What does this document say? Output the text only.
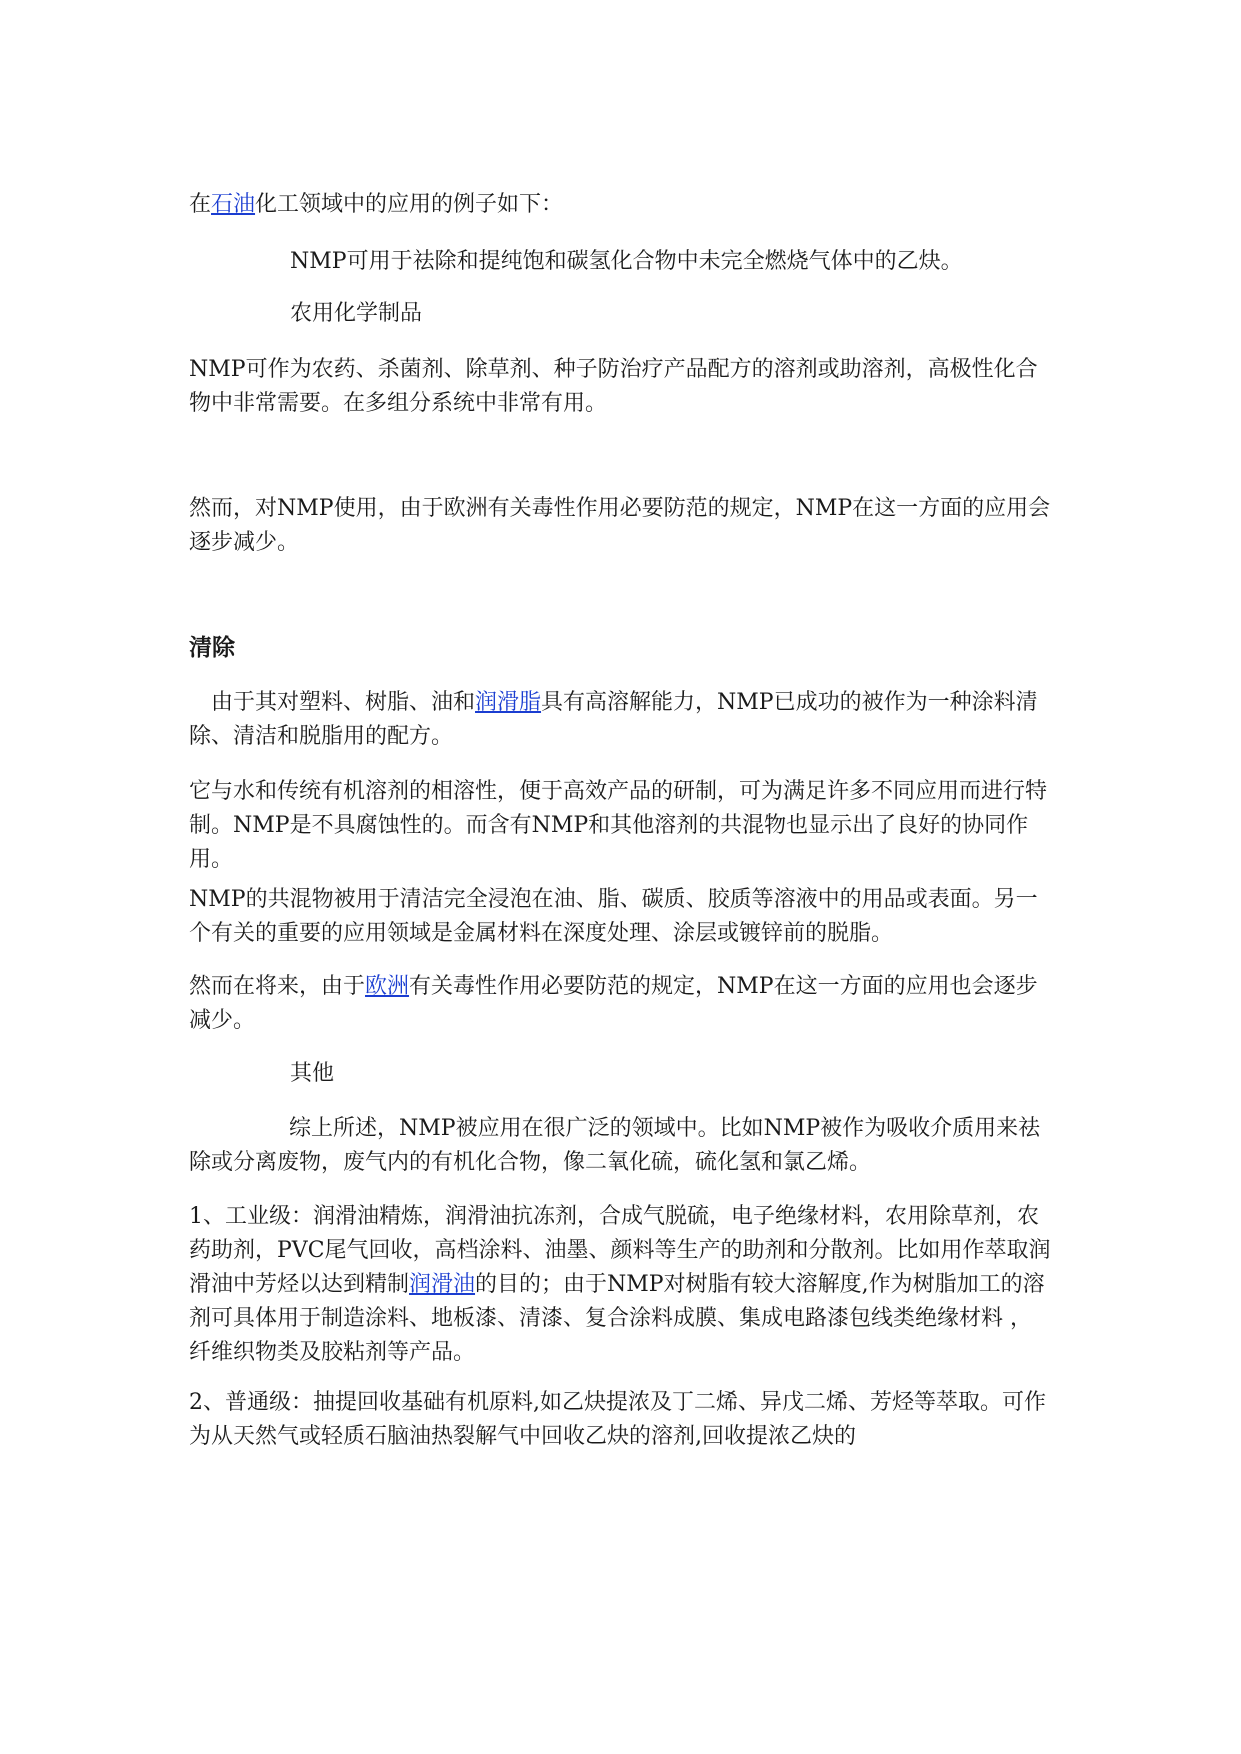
在石油化工领域中的应用的例子如下：

NMP可用于祛除和提纯饱和碳氢化合物中未完全燃烧气体中的乙炔。

农用化学制品

NMP可作为农药、杀菌剂、除草剂、种子防治疗产品配方的溶剂或助溶剂，高极性化合物中非常需要。在多组分系统中非常有用。

然而，对NMP使用，由于欧洲有关毒性作用必要防范的规定，NMP在这一方面的应用会逐步减少。

清除

由于其对塑料、树脂、油和润滑脂具有高溶解能力，NMP已成功的被作为一种涂料清除、清洁和脱脂用的配方。

它与水和传统有机溶剂的相溶性，便于高效产品的研制，可为满足许多不同应用而进行特制。NMP是不具腐蚀性的。而含有NMP和其他溶剂的共混物也显示出了良好的协同作用。

NMP的共混物被用于清洁完全浸泡在油、脂、碳质、胶质等溶液中的用品或表面。另一个有关的重要的应用领域是金属材料在深度处理、涂层或镀锌前的脱脂。

然而在将来，由于欧洲有关毒性作用必要防范的规定，NMP在这一方面的应用也会逐步减少。

其他

综上所述，NMP被应用在很广泛的领域中。比如NMP被作为吸收介质用来祛除或分离废物，废气内的有机化合物，像二氧化硫，硫化氢和氯乙烯。

1、工业级：润滑油精炼，润滑油抗冻剂，合成气脱硫，电子绝缘材料，农用除草剂，农药助剂，PVC尾气回收，高档涂料、油墨、颜料等生产的助剂和分散剂。比如用作萃取润滑油中芳烃以达到精制润滑油的目的；由于NMP对树脂有较大溶解度,作为树脂加工的溶剂可具体用于制造涂料、地板漆、清漆、复合涂料成膜、集成电路漆包线类绝缘材料 ， 纤维织物类及胶粘剂等产品。

2、普通级：抽提回收基础有机原料,如乙炔提浓及丁二烯、异戊二烯、芳烃等萃取。可作为从天然气或轻质石脑油热裂解气中回收乙炔的溶剂,回收提浓乙炔的
